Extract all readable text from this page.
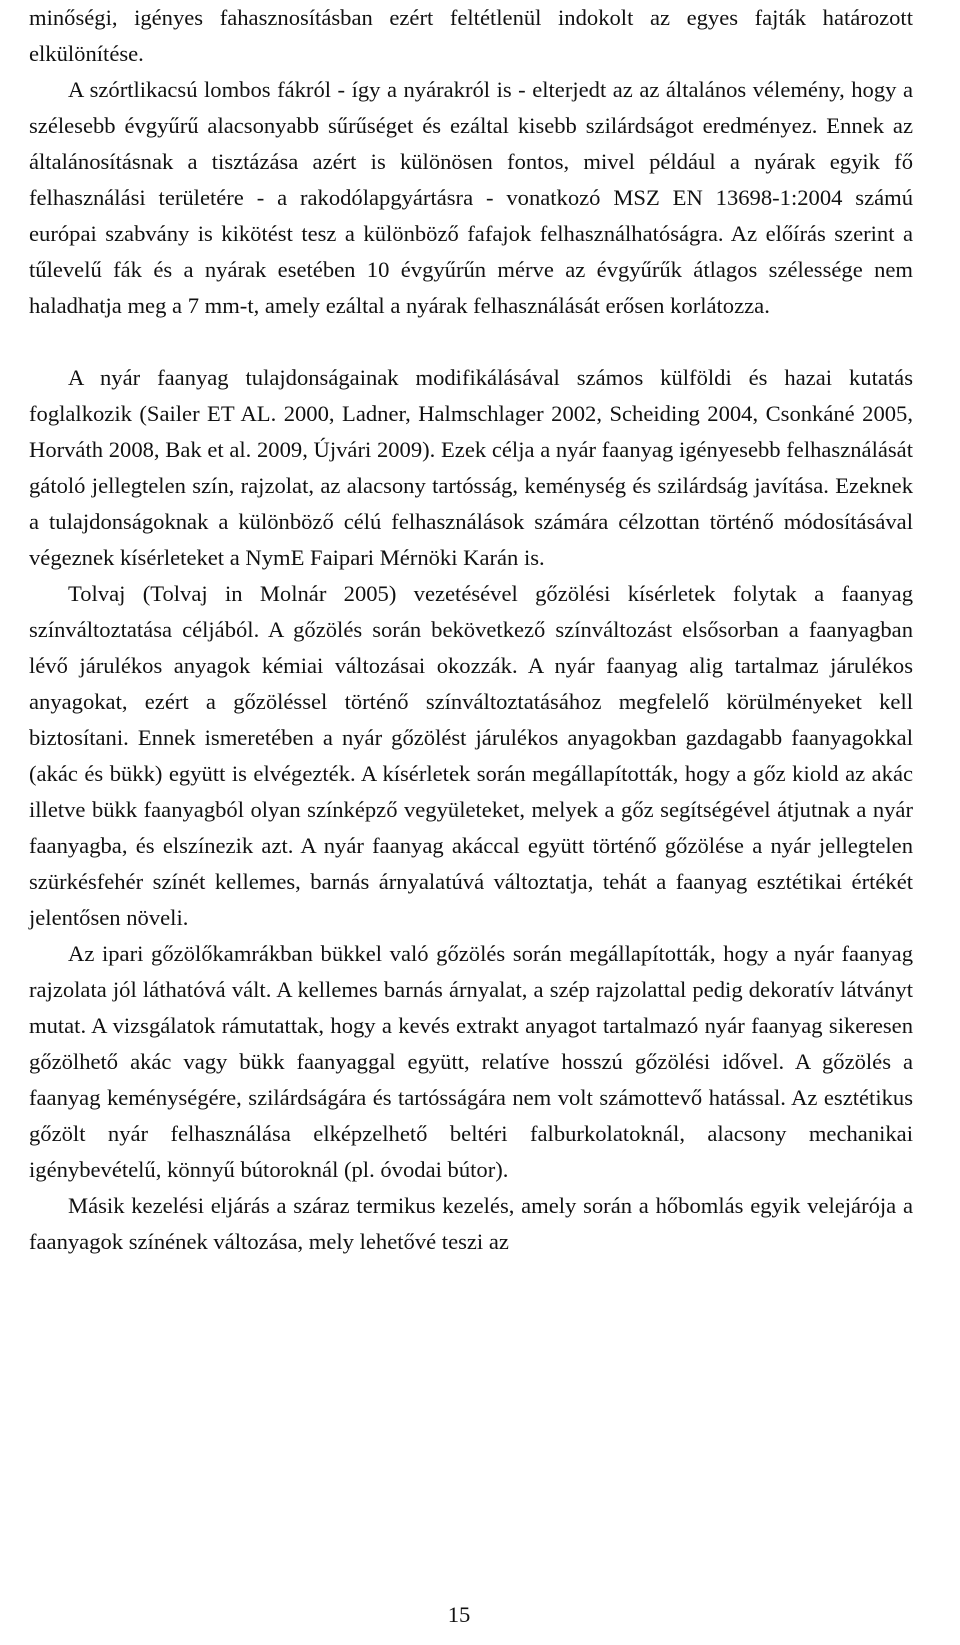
minőségi, igényes fahasznosításban ezért feltétlenül indokolt az egyes fajták határozott elkülönítése.

A szórtlikacsú lombos fákról - így a nyárakról is - elterjedt az az általános vélemény, hogy a szélesebb évgyűrű alacsonyabb sűrűséget és ezáltal kisebb szilárdságot eredményez. Ennek az általánosításnak a tisztázása azért is különösen fontos, mivel például a nyárak egyik fő felhasználási területére - a rakodólapgyártásra - vonatkozó MSZ EN 13698-1:2004 számú európai szabvány is kikötést tesz a különböző fafajok felhasználhatóságra. Az előírás szerint a tűlevelű fák és a nyárak esetében 10 évgyűrűn mérve az évgyűrűk átlagos szélessége nem haladhatja meg a 7 mm-t, amely ezáltal a nyárak felhasználását erősen korlátozza.

A nyár faanyag tulajdonságainak modifikálásával számos külföldi és hazai kutatás foglalkozik (Sailer ET AL. 2000, Ladner, Halmschlager 2002, Scheiding 2004, Csonkáné 2005, Horváth 2008, Bak et al. 2009, Újvári 2009). Ezek célja a nyár faanyag igényesebb felhasználását gátoló jellegtelen szín, rajzolat, az alacsony tartósság, keménység és szilárdság javítása. Ezeknek a tulajdonságoknak a különböző célú felhasználások számára célzottan történő módosításával végeznek kísérleteket a NymE Faipari Mérnöki Karán is.

Tolvaj (Tolvaj in Molnár 2005) vezetésével gőzölési kísérletek folytak a faanyag színváltoztatása céljából. A gőzölés során bekövetkező színváltozást elsősorban a faanyagban lévő járulékos anyagok kémiai változásai okozzák. A nyár faanyag alig tartalmaz járulékos anyagokat, ezért a gőzöléssel történő színváltoztatásához megfelelő körülményeket kell biztosítani. Ennek ismeretében a nyár gőzölést járulékos anyagokban gazdagabb faanyagokkal (akác és bükk) együtt is elvégezték. A kísérletek során megállapították, hogy a gőz kiold az akác illetve bükk faanyagból olyan színképző vegyületeket, melyek a gőz segítségével átjutnak a nyár faanyagba, és elszínezik azt. A nyár faanyag akáccal együtt történő gőzölése a nyár jellegtelen szürkésfehér színét kellemes, barnás árnyalatúvá változtatja, tehát a faanyag esztétikai értékét jelentősen növeli.

Az ipari gőzölőkamrákban bükkel való gőzölés során megállapították, hogy a nyár faanyag rajzolata jól láthatóvá vált. A kellemes barnás árnyalat, a szép rajzolattal pedig dekoratív látványt mutat. A vizsgálatok rámutattak, hogy a kevés extrakt anyagot tartalmazó nyár faanyag sikeresen gőzölhető akác vagy bükk faanyaggal együtt, relatíve hosszú gőzölési idővel. A gőzölés a faanyag keménységére, szilárdságára és tartósságára nem volt számottevő hatással. Az esztétikus gőzölt nyár felhasználása elképzelhető beltéri falburkolatoknál, alacsony mechanikai igénybevételű, könnyű bútoroknál (pl. óvodai bútor).

Másik kezelési eljárás a száraz termikus kezelés, amely során a hőbomlás egyik velejárója a faanyagok színének változása, mely lehetővé teszi az

15
